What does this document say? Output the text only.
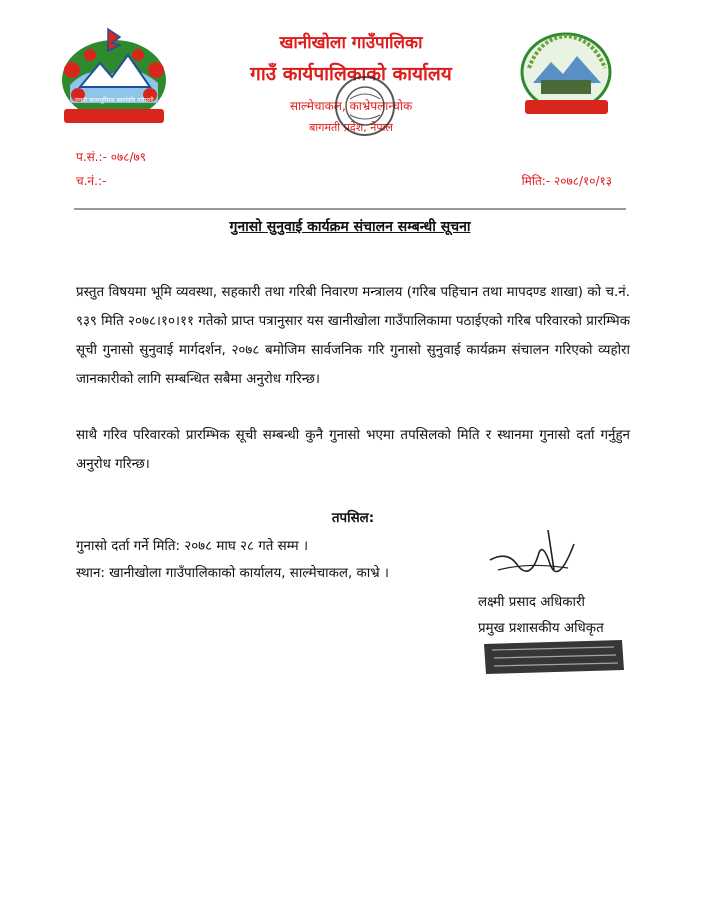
जननी जन्मभूमिश्च स्वर्गादपि गरीयसी
खानीखोला गाउँपालिका
गाउँ कार्यपालिकाको कार्यालय
साल्मेचाकल, काभ्रेपलान्चोक
बागमती प्रदेश, नेपाल
प.सं.:- ०७८/७९
च.नं.:-	मिति:- २०७८/१०/१३
गुनासो सुनुवाई कार्यक्रम संचालन सम्बन्धी सूचना
प्रस्तुत विषयमा भूमि व्यवस्था, सहकारी तथा गरिबी निवारण मन्त्रालय (गरिब पहिचान तथा मापदण्ड शाखा) को च.नं. ९३९ मिति २०७८।१०।११ गतेको प्राप्त पत्रानुसार यस खानीखोला गाउँपालिकामा पठाईएको गरिब परिवारको प्रारम्भिक सूची गुनासो सुनुवाई मार्गदर्शन, २०७८ बमोजिम सार्वजनिक गरि गुनासो सुनुवाई कार्यक्रम संचालन गरिएको व्यहोरा जानकारीको लागि सम्बन्धित सबैमा अनुरोध गरिन्छ।
साथै गरिव परिवारको प्रारम्भिक सूची सम्बन्धी कुनै गुनासो भएमा तपसिलको मिति र स्थानमा गुनासो दर्ता गर्नुहुन अनुरोध गरिन्छ।
तपसिल:
गुनासो दर्ता गर्ने मिति: २०७८ माघ २८ गते सम्म ।
स्थान: खानीखोला गाउँपालिकाको कार्यालय, साल्मेचाकल, काभ्रे ।
लक्ष्मी प्रसाद अधिकारी
प्रमुख प्रशासकीय अधिकृत
